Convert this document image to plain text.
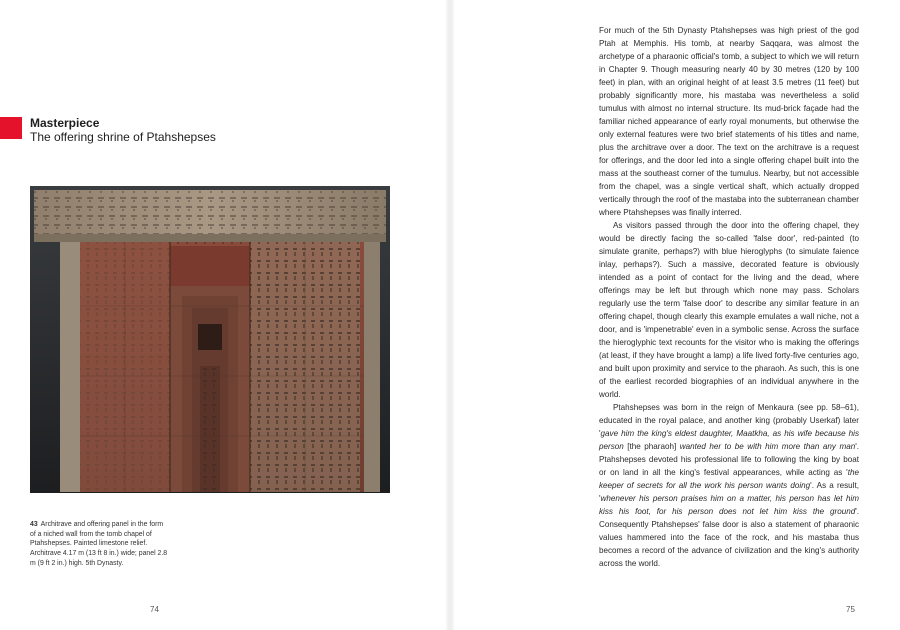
Masterpiece
The offering shrine of Ptahshepses
43 Architrave and offering panel in the form of a niched wall from the tomb chapel of Ptahshepses. Painted limestone relief. Architrave 4.17 m (13 ft 8 in.) wide; panel 2.8 m (9 ft 2 in.) high. 5th Dynasty.
74

For much of the 5th Dynasty Ptahshepses was high priest of the god Ptah at Memphis. His tomb, at nearby Saqqara, was almost the archetype of a pharaonic official's tomb, a subject to which we will return in Chapter 9. Though measuring nearly 40 by 30 metres (120 by 100 feet) in plan, with an original height of at least 3.5 metres (11 feet) but probably significantly more, his mastaba was nevertheless a solid tumulus with almost no internal structure. Its mud-brick façade had the familiar niched appearance of early royal monuments, but otherwise the only external features were two brief statements of his titles and name, plus the architrave over a door. The text on the architrave is a request for offerings, and the door led into a single offering chapel built into the mass at the southeast corner of the tumulus. Nearby, but not accessible from the chapel, was a single vertical shaft, which actually dropped vertically through the roof of the mastaba into the subterranean chamber where Ptahshepses was finally interred.

As visitors passed through the door into the offering chapel, they would be directly facing the so-called 'false door', red-painted (to simulate granite, perhaps?) with blue hieroglyphs (to simulate faience inlay, perhaps?). Such a massive, decorated feature is obviously intended as a point of contact for the living and the dead, where offerings may be left but through which none may pass. Scholars regularly use the term 'false door' to describe any similar feature in an offering chapel, though clearly this example emulates a wall niche, not a door, and is 'impenetrable' even in a symbolic sense. Across the surface the hieroglyphic text recounts for the visitor who is making the offerings (at least, if they have brought a lamp) a life lived forty-five centuries ago, and built upon proximity and service to the pharaoh. As such, this is one of the earliest recorded biographies of an individual anywhere in the world.

Ptahshepses was born in the reign of Menkaura (see pp. 58–61), educated in the royal palace, and another king (probably Userkaf) later 'gave him the king's eldest daughter, Maatkha, as his wife because his person [the pharaoh] wanted her to be with him more than any man'. Ptahshepses devoted his professional life to following the king by boat or on land in all the king's festival appearances, while acting as 'the keeper of secrets for all the work his person wants doing'. As a result, 'whenever his person praises him on a matter, his person has let him kiss his foot, for his person does not let him kiss the ground'. Consequently Ptahshepses' false door is also a statement of pharaonic values hammered into the face of the rock, and his mastaba thus becomes a record of the advance of civilization and the king's authority across the world.

75
